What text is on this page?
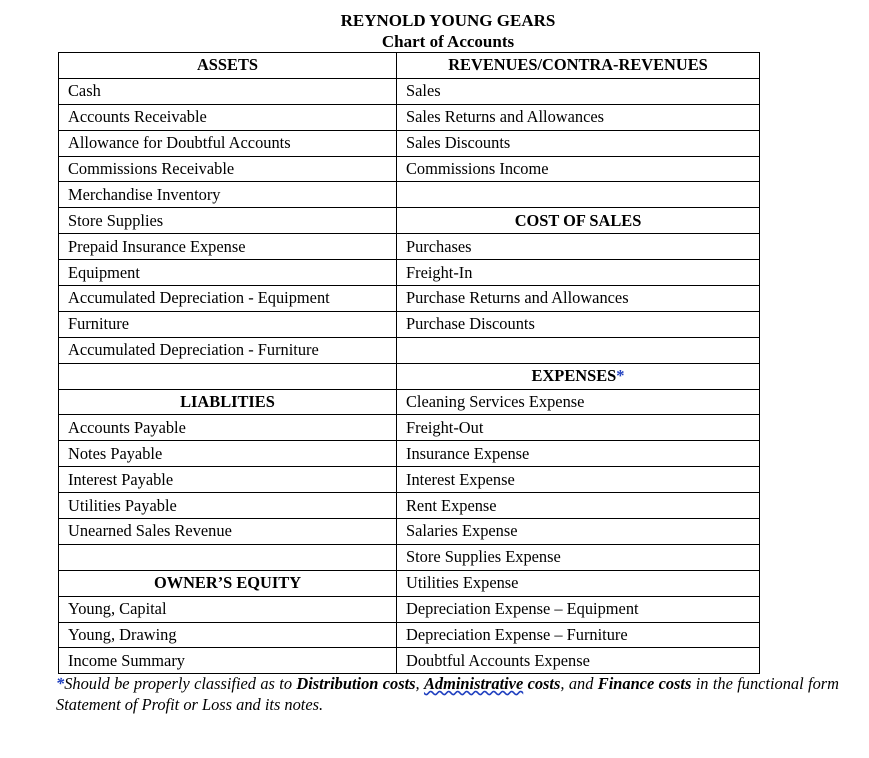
REYNOLD YOUNG GEARS
Chart of Accounts
ASSETS	REVENUES/CONTRA-REVENUES
Cash	Sales
Accounts Receivable	Sales Returns and Allowances
Allowance for Doubtful Accounts	Sales Discounts
Commissions Receivable	Commissions Income
Merchandise Inventory	
Store Supplies	COST OF SALES
Prepaid Insurance Expense	Purchases
Equipment	Freight-In
Accumulated Depreciation - Equipment	Purchase Returns and Allowances
Furniture	Purchase Discounts
Accumulated Depreciation - Furniture	
	EXPENSES*
LIABLITIES	Cleaning Services Expense
Accounts Payable	Freight-Out
Notes Payable	Insurance Expense
Interest Payable	Interest Expense
Utilities Payable	Rent Expense
Unearned Sales Revenue	Salaries Expense
	Store Supplies Expense
OWNER’S EQUITY	Utilities Expense
Young, Capital	Depreciation Expense – Equipment
Young, Drawing	Depreciation Expense – Furniture
Income Summary	Doubtful Accounts Expense
*Should be properly classified as to Distribution costs, Administrative costs, and Finance costs in the functional form Statement of Profit or Loss and its notes.
